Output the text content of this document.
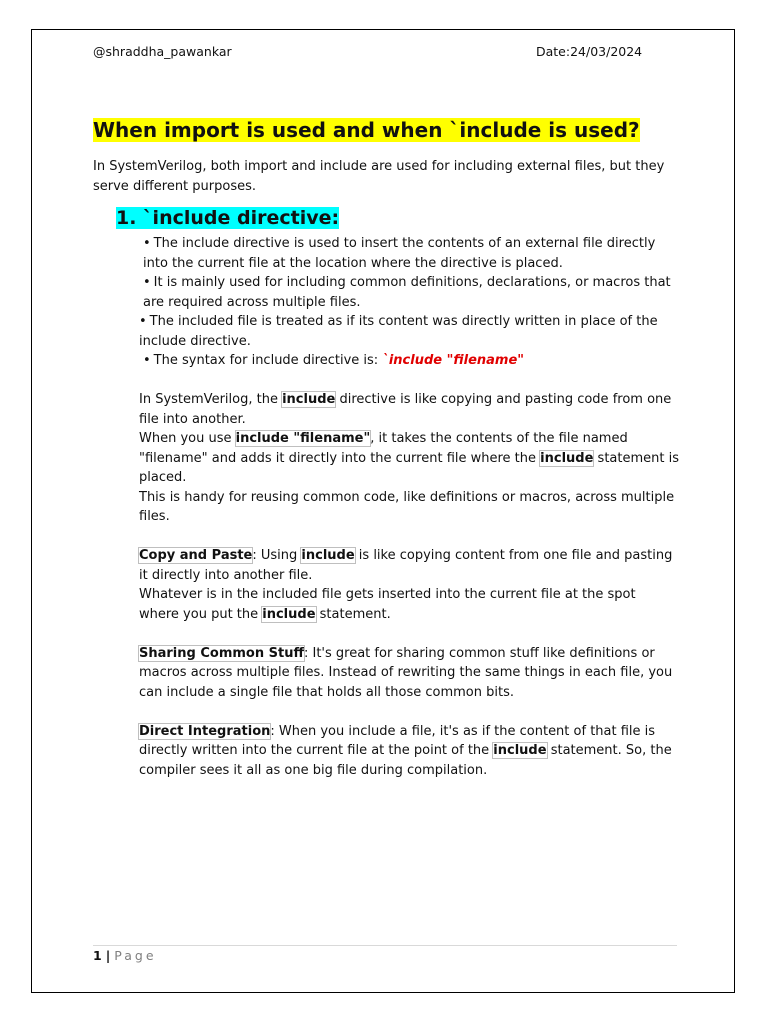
@shraddha_pawankar	Date:24/03/2024
When import is used and when `include is used?

In SystemVerilog, both import and include are used for including external files, but they serve different purposes.

1. `include directive:

• The include directive is used to insert the contents of an external file directly into the current file at the location where the directive is placed.

• It is mainly used for including common definitions, declarations, or macros that are required across multiple files.

• The included file is treated as if its content was directly written in place of the include directive.

• The syntax for include directive is: `include "filename"

In SystemVerilog, the include directive is like copying and pasting code from one file into another.

When you use include "filename", it takes the contents of the file named "filename" and adds it directly into the current file where the include statement is placed.

This is handy for reusing common code, like definitions or macros, across multiple files.

Copy and Paste: Using include is like copying content from one file and pasting it directly into another file.

Whatever is in the included file gets inserted into the current file at the spot where you put the include statement.

Sharing Common Stuff: It's great for sharing common stuff like definitions or macros across multiple files. Instead of rewriting the same things in each file, you can include a single file that holds all those common bits.

Direct Integration: When you include a file, it's as if the content of that file is directly written into the current file at the point of the include statement. So, the compiler sees it all as one big file during compilation.

1 | Page
